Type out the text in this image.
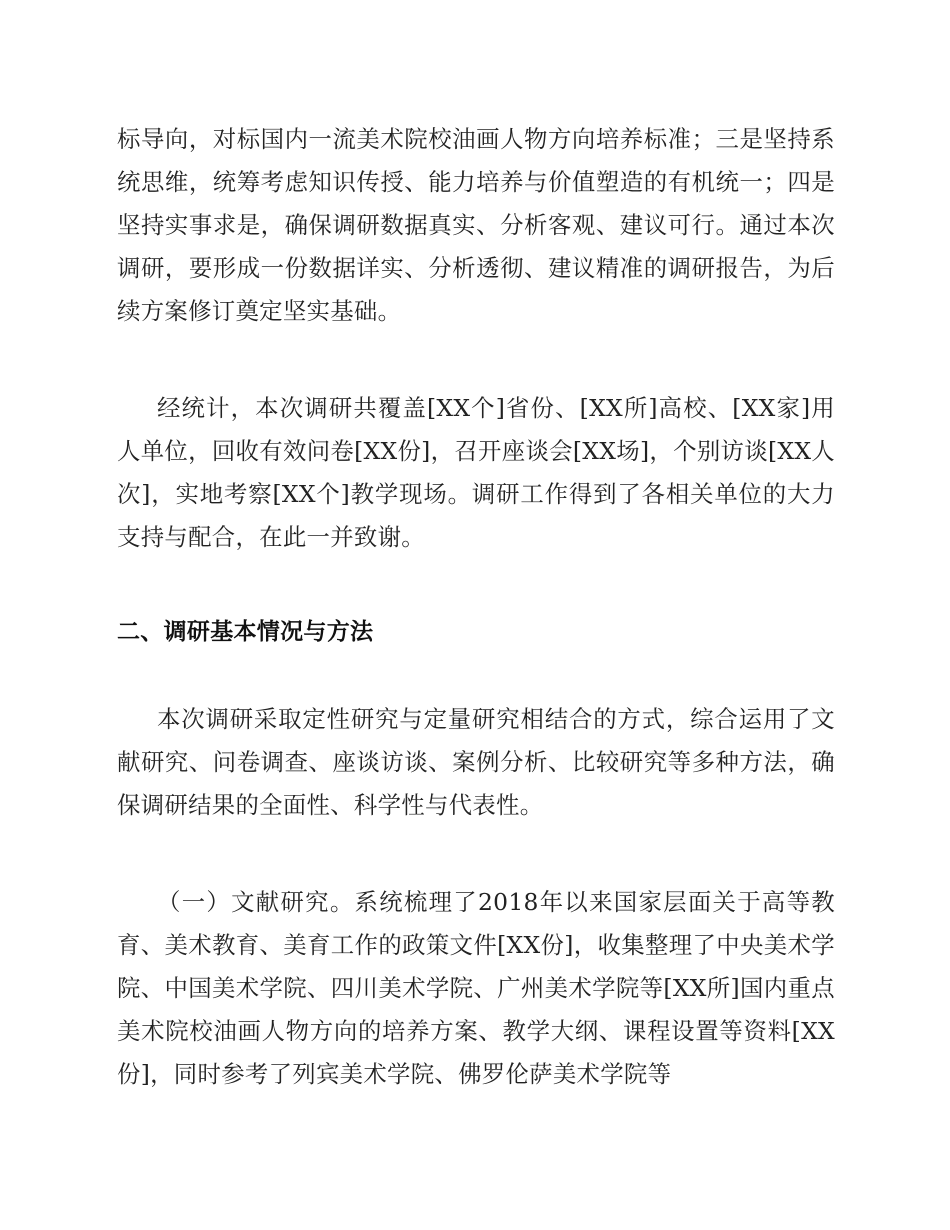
标导向，对标国内一流美术院校油画人物方向培养标准；三是坚持系统思维，统筹考虑知识传授、能力培养与价值塑造的有机统一；四是坚持实事求是，确保调研数据真实、分析客观、建议可行。通过本次调研，要形成一份数据详实、分析透彻、建议精准的调研报告，为后续方案修订奠定坚实基础。

经统计，本次调研共覆盖[XX个]省份、[XX所]高校、[XX家]用人单位，回收有效问卷[XX份]，召开座谈会[XX场]，个别访谈[XX人次]，实地考察[XX个]教学现场。调研工作得到了各相关单位的大力支持与配合，在此一并致谢。

二、调研基本情况与方法

本次调研采取定性研究与定量研究相结合的方式，综合运用了文献研究、问卷调查、座谈访谈、案例分析、比较研究等多种方法，确保调研结果的全面性、科学性与代表性。

（一）文献研究。系统梳理了2018年以来国家层面关于高等教育、美术教育、美育工作的政策文件[XX份]，收集整理了中央美术学院、中国美术学院、四川美术学院、广州美术学院等[XX所]国内重点美术院校油画人物方向的培养方案、教学大纲、课程设置等资料[XX份]，同时参考了列宾美术学院、佛罗伦萨美术学院等
